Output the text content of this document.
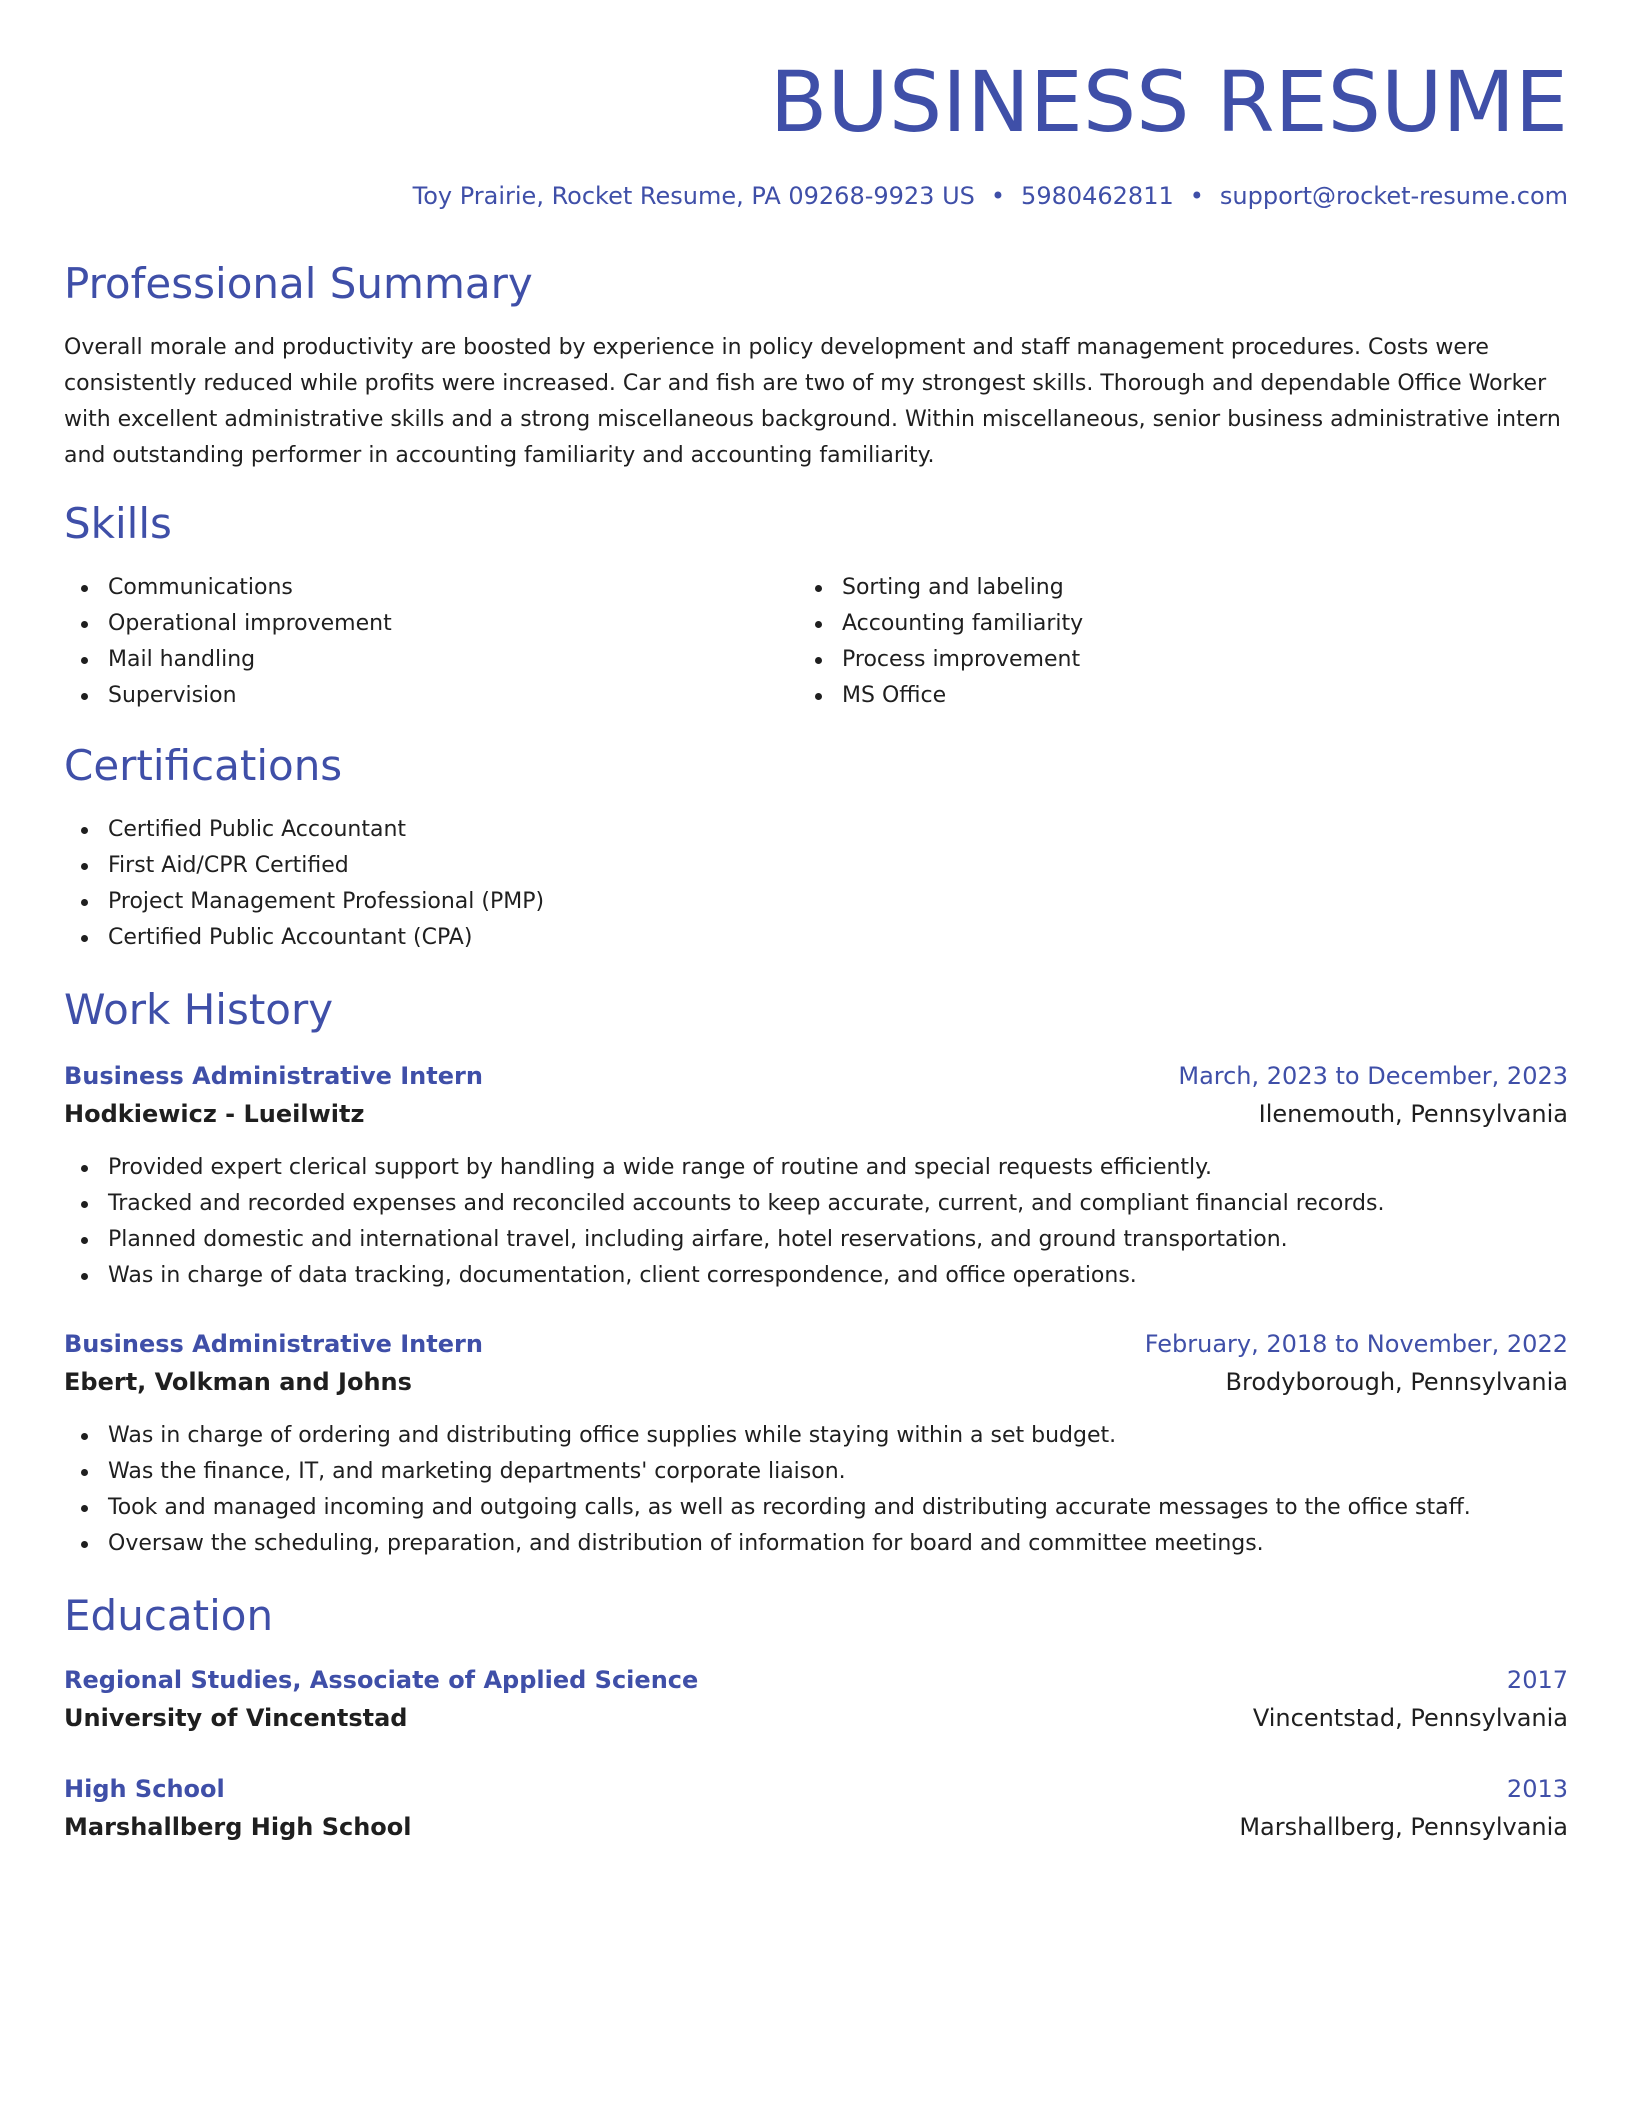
BUSINESS RESUME
Toy Prairie, Rocket Resume, PA 09268-9923 US • 5980462811 • support@rocket-resume.com
Professional Summary
Overall morale and productivity are boosted by experience in policy development and staff management procedures. Costs were consistently reduced while profits were increased. Car and fish are two of my strongest skills. Thorough and dependable Office Worker with excellent administrative skills and a strong miscellaneous background. Within miscellaneous, senior business administrative intern and outstanding performer in accounting familiarity and accounting familiarity.
Skills
Communications
Operational improvement
Mail handling
Supervision
Sorting and labeling
Accounting familiarity
Process improvement
MS Office
Certifications
Certified Public Accountant
First Aid/CPR Certified
Project Management Professional (PMP)
Certified Public Accountant (CPA)
Work History
Business Administrative Intern	March, 2023 to December, 2023
Hodkiewicz - Lueilwitz	Ilenemouth, Pennsylvania
Provided expert clerical support by handling a wide range of routine and special requests efficiently.
Tracked and recorded expenses and reconciled accounts to keep accurate, current, and compliant financial records.
Planned domestic and international travel, including airfare, hotel reservations, and ground transportation.
Was in charge of data tracking, documentation, client correspondence, and office operations.
Business Administrative Intern	February, 2018 to November, 2022
Ebert, Volkman and Johns	Brodyborough, Pennsylvania
Was in charge of ordering and distributing office supplies while staying within a set budget.
Was the finance, IT, and marketing departments' corporate liaison.
Took and managed incoming and outgoing calls, as well as recording and distributing accurate messages to the office staff.
Oversaw the scheduling, preparation, and distribution of information for board and committee meetings.
Education
Regional Studies, Associate of Applied Science	2017
University of Vincentstad	Vincentstad, Pennsylvania
High School	2013
Marshallberg High School	Marshallberg, Pennsylvania
